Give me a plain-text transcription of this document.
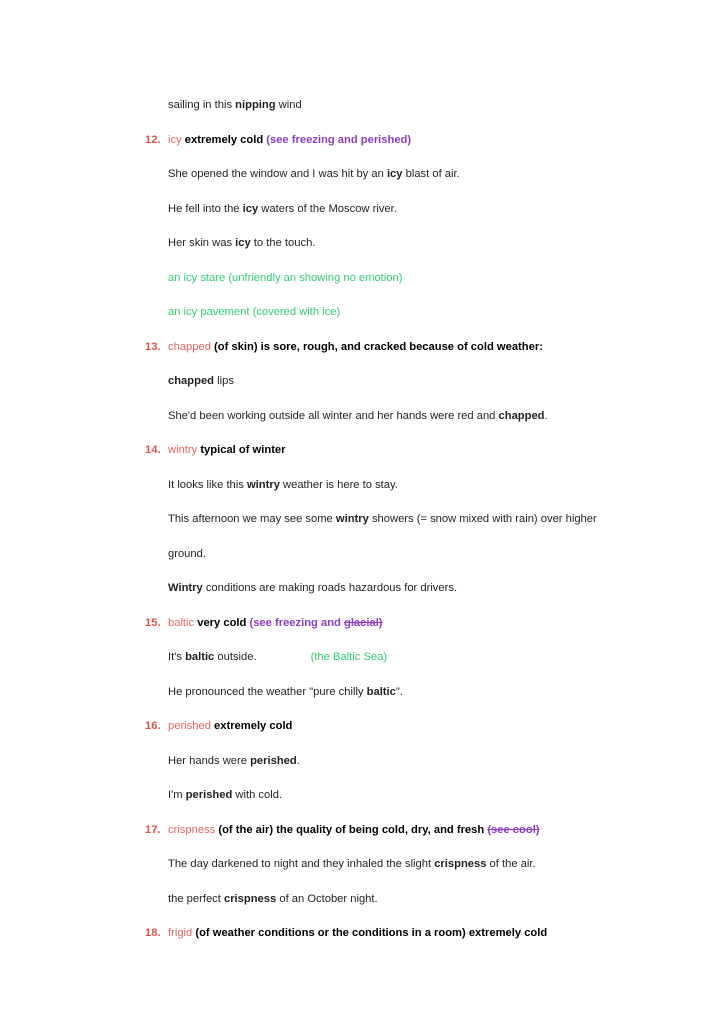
sailing in this nipping wind

12. icy extremely cold (see freezing and perished)

She opened the window and I was hit by an icy blast of air.

He fell into the icy waters of the Moscow river.

Her skin was icy to the touch.

an icy stare (unfriendly an showing no emotion)

an icy pavement (covered with ice)

13. chapped (of skin) is sore, rough, and cracked because of cold weather:

chapped lips

She'd been working outside all winter and her hands were red and chapped.

14. wintry typical of winter

It looks like this wintry weather is here to stay.

This afternoon we may see some wintry showers (= snow mixed with rain) over higher ground.

Wintry conditions are making roads hazardous for drivers.

15. baltic very cold (see freezing and glacial)

It's baltic outside.	(the Baltic Sea)

He pronounced the weather "pure chilly baltic".

16. perished extremely cold

Her hands were perished.

I'm perished with cold.

17. crispness (of the air) the quality of being cold, dry, and fresh (see cool)

The day darkened to night and they inhaled the slight crispness of the air.

the perfect crispness of an October night.

18. frigid (of weather conditions or the conditions in a room) extremely cold
